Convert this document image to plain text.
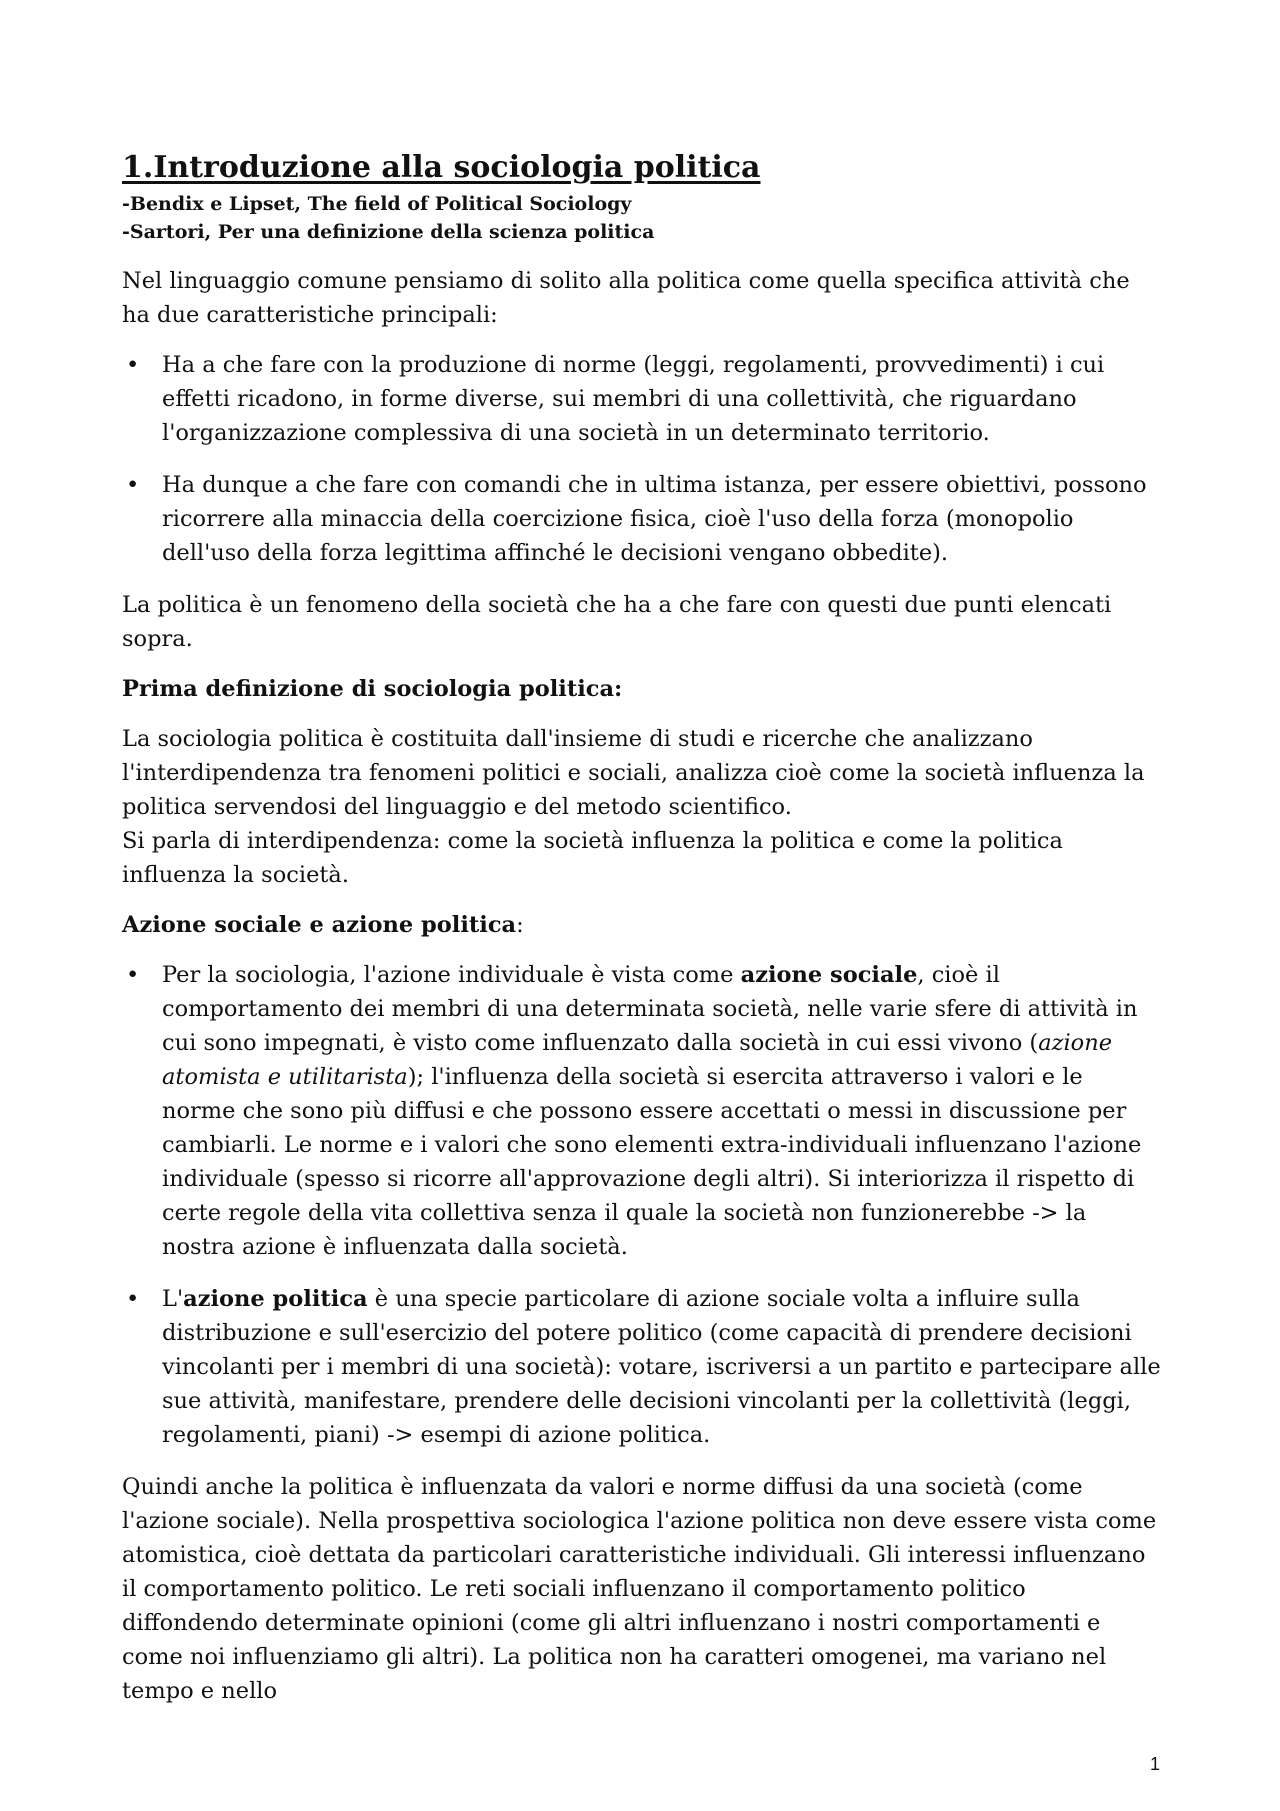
1.Introduzione alla sociologia politica

-Bendix e Lipset, The field of Political Sociology

-Sartori, Per una definizione della scienza politica

Nel linguaggio comune pensiamo di solito alla politica come quella specifica attività che ha due caratteristiche principali:

• Ha a che fare con la produzione di norme (leggi, regolamenti, provvedimenti) i cui effetti ricadono, in forme diverse, sui membri di una collettività, che riguardano l'organizzazione complessiva di una società in un determinato territorio.
• Ha dunque a che fare con comandi che in ultima istanza, per essere obiettivi, possono ricorrere alla minaccia della coercizione fisica, cioè l'uso della forza (monopolio dell'uso della forza legittima affinché le decisioni vengano obbedite).

La politica è un fenomeno della società che ha a che fare con questi due punti elencati sopra.

Prima definizione di sociologia politica:

La sociologia politica è costituita dall'insieme di studi e ricerche che analizzano l'interdipendenza tra fenomeni politici e sociali, analizza cioè come la società influenza la politica servendosi del linguaggio e del metodo scientifico.
Si parla di interdipendenza: come la società influenza la politica e come la politica influenza la società.

Azione sociale e azione politica:

• Per la sociologia, l'azione individuale è vista come azione sociale, cioè il comportamento dei membri di una determinata società, nelle varie sfere di attività in cui sono impegnati, è visto come influenzato dalla società in cui essi vivono (azione atomista e utilitarista); l'influenza della società si esercita attraverso i valori e le norme che sono più diffusi e che possono essere accettati o messi in discussione per cambiarli. Le norme e i valori che sono elementi extra-individuali influenzano l'azione individuale (spesso si ricorre all'approvazione degli altri). Si interiorizza il rispetto di certe regole della vita collettiva senza il quale la società non funzionerebbe -> la nostra azione è influenzata dalla società.
• L'azione politica è una specie particolare di azione sociale volta a influire sulla distribuzione e sull'esercizio del potere politico (come capacità di prendere decisioni vincolanti per i membri di una società): votare, iscriversi a un partito e partecipare alle sue attività, manifestare, prendere delle decisioni vincolanti per la collettività (leggi, regolamenti, piani) -> esempi di azione politica.

Quindi anche la politica è influenzata da valori e norme diffusi da una società (come l'azione sociale). Nella prospettiva sociologica l'azione politica non deve essere vista come atomistica, cioè dettata da particolari caratteristiche individuali. Gli interessi influenzano il comportamento politico. Le reti sociali influenzano il comportamento politico diffondendo determinate opinioni (come gli altri influenzano i nostri comportamenti e come noi influenziamo gli altri). La politica non ha caratteri omogenei, ma variano nel tempo e nello

1
